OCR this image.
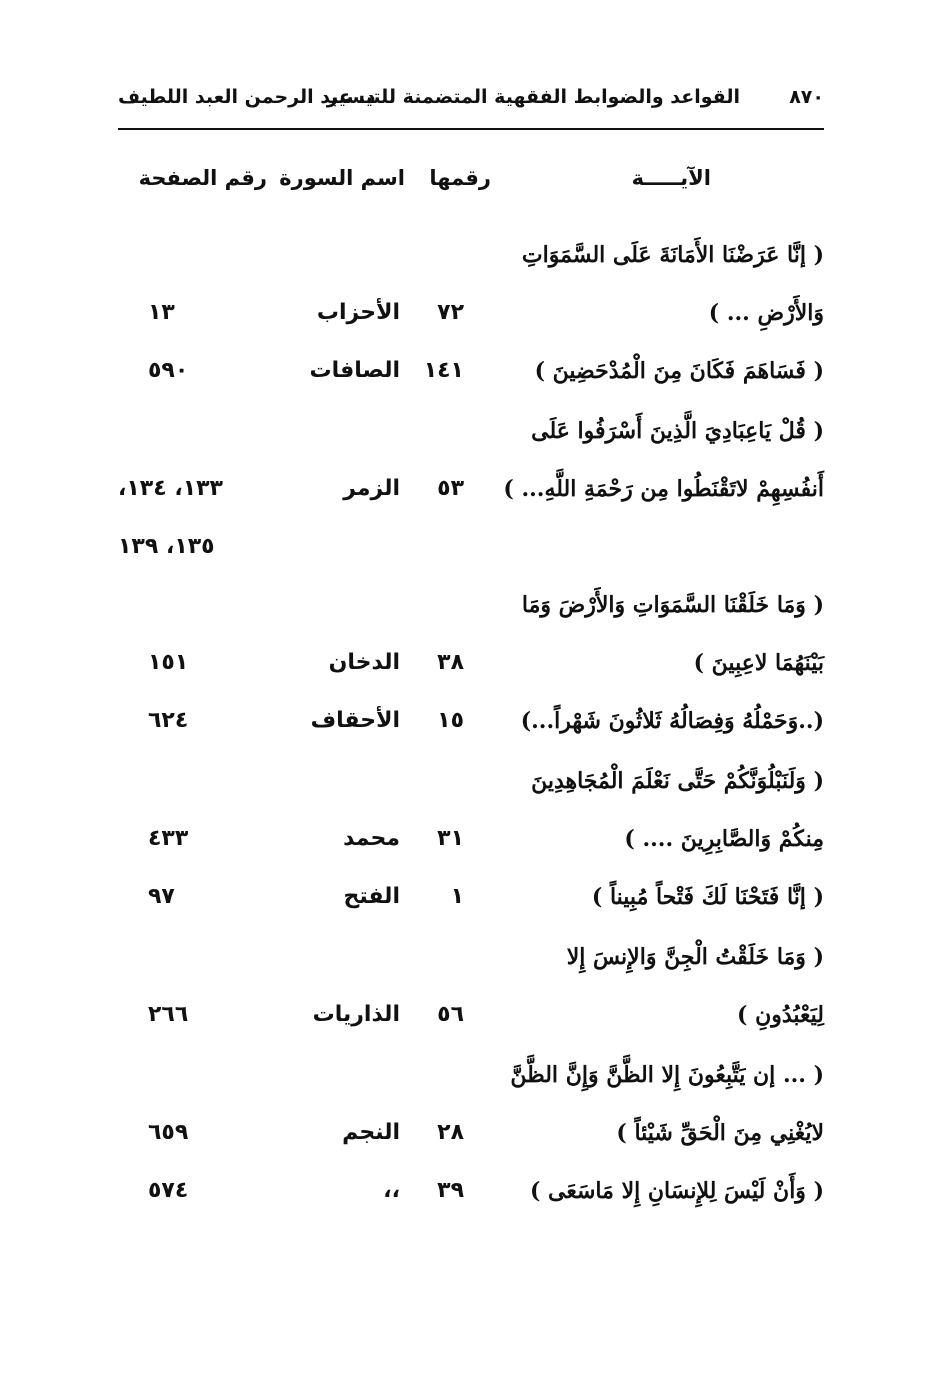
٨٧٠
القواعد والضوابط الفقهية المتضمنة للتيسير
د. عبد الرحمن العبد اللطيف
الآيـــــة
رقمها
اسم السورة
رقم الصفحة
( إنَّا عَرَضْنَا الأَمَانَةَ عَلَى السَّمَوَاتِ
وَالأَرْضِ ... )
٧٢
الأحزاب
١٣
( فَسَاهَمَ فَكَانَ مِنَ الْمُدْحَضِينَ )
١٤١
الصافات
٥٩٠
( قُلْ يَاعِبَادِيَ الَّذِينَ أَسْرَفُوا عَلَى
أَنفُسِهِمْ لاتَقْنَطُوا مِن رَحْمَةِ اللَّهِ... )
٥٣
الزمر
١٣٣، ١٣٤،
١٣٥، ١٣٩
( وَمَا خَلَقْنَا السَّمَوَاتِ وَالأَرْضَ وَمَا
بَيْنَهُمَا لاعِبِينَ )
٣٨
الدخان
١٥١
(..وَحَمْلُهُ وَفِصَالُهُ ثَلاثُونَ شَهْراً...)
١٥
الأحقاف
٦٢٤
( وَلَنَبْلُوَنَّكُمْ حَتَّى نَعْلَمَ الْمُجَاهِدِينَ
مِنكُمْ وَالصَّابِرِينَ .... )
٣١
محمد
٤٣٣
( إنَّا فَتَحْنَا لَكَ فَتْحاً مُبِيناً )
١
الفتح
٩٧
( وَمَا خَلَقْتُ الْجِنَّ وَالإِنسَ إِلا
لِيَعْبُدُونِ )
٥٦
الذاريات
٢٦٦
( ... إن يَتَّبِعُونَ إِلا الظَّنَّ وَإِنَّ الظَّنَّ
لايُغْنِي مِنَ الْحَقِّ شَيْئاً )
٢٨
النجم
٦٥٩
( وَأَنْ لَيْسَ لِلإِنسَانِ إِلا مَاسَعَى )
٣٩
،،
٥٧٤
